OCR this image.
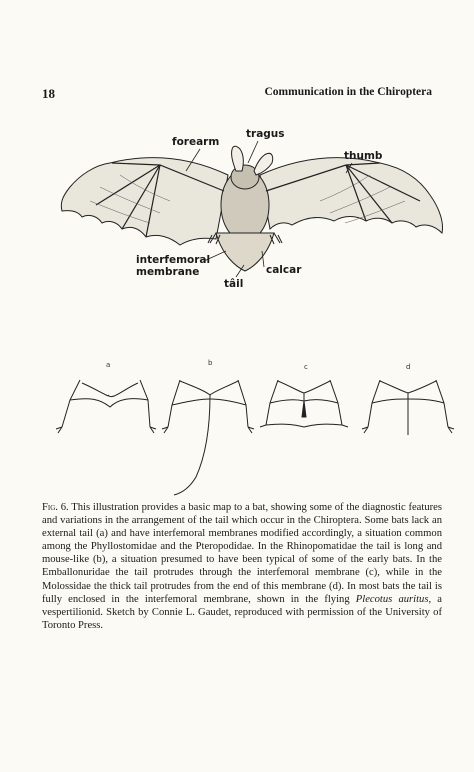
18	Communication in the Chiroptera
forearm
tragus
thumb
interfemoral
membrane	calcar
tâil
a	b	c	d

Fig. 6. This illustration provides a basic map to a bat, showing some of the diagnostic features and variations in the arrangement of the tail which occur in the Chiroptera. Some bats lack an external tail (a) and have interfemoral membranes modified accordingly, a situation common among the Phyllostomidae and the Pteropodidae. In the Rhinopomatidae the tail is long and mouse-like (b), a situation presumed to have been typical of some of the early bats. In the Emballonuridae the tail protrudes through the interfemoral membrane (c), while in the Molossidae the thick tail protrudes from the end of this membrane (d). In most bats the tail is fully enclosed in the interfemoral membrane, shown in the flying Plecotus auritus, a vespertilionid. Sketch by Connie L. Gaudet, reproduced with permission of the University of Toronto Press.
